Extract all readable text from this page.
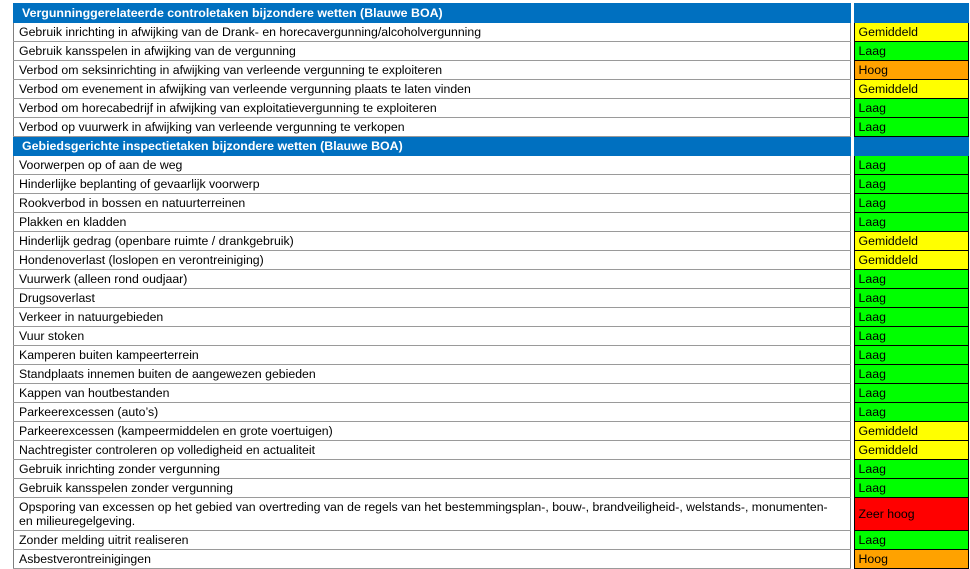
Vergunninggerelateerde controletaken bijzondere wetten (Blauwe BOA)		
Gebruik inrichting in afwijking van de Drank- en horecavergunning/alcoholvergunning		Gemiddeld
Gebruik kansspelen in afwijking van de vergunning		Laag
Verbod om seksinrichting in afwijking van verleende vergunning te exploiteren		Hoog
Verbod om evenement in afwijking van verleende vergunning plaats te laten vinden		Gemiddeld
Verbod om horecabedrijf in afwijking van exploitatievergunning te exploiteren		Laag
Verbod op vuurwerk in afwijking van verleende vergunning te verkopen		Laag
Gebiedsgerichte inspectietaken bijzondere wetten (Blauwe BOA)		
Voorwerpen op of aan de weg		Laag
Hinderlijke beplanting of gevaarlijk voorwerp		Laag
Rookverbod in bossen en natuurterreinen		Laag
Plakken en kladden		Laag
Hinderlijk gedrag (openbare ruimte / drankgebruik)		Gemiddeld
Hondenoverlast (loslopen en verontreiniging)		Gemiddeld
Vuurwerk (alleen rond oudjaar)		Laag
Drugsoverlast		Laag
Verkeer in natuurgebieden		Laag
Vuur stoken		Laag
Kamperen buiten kampeerterrein		Laag
Standplaats innemen buiten de aangewezen gebieden		Laag
Kappen van houtbestanden		Laag
Parkeerexcessen (auto’s)		Laag
Parkeerexcessen (kampeermiddelen en grote voertuigen)		Gemiddeld
Nachtregister controleren op volledigheid en actualiteit		Gemiddeld
Gebruik inrichting zonder vergunning		Laag
Gebruik kansspelen zonder vergunning		Laag
Opsporing van excessen op het gebied van overtreding van de regels van het bestemmingsplan-, bouw-, brandveiligheid-, welstands-, monumenten- en milieuregelgeving.		Zeer hoog
Zonder melding uitrit realiseren		Laag
Asbestverontreinigingen		Hoog
